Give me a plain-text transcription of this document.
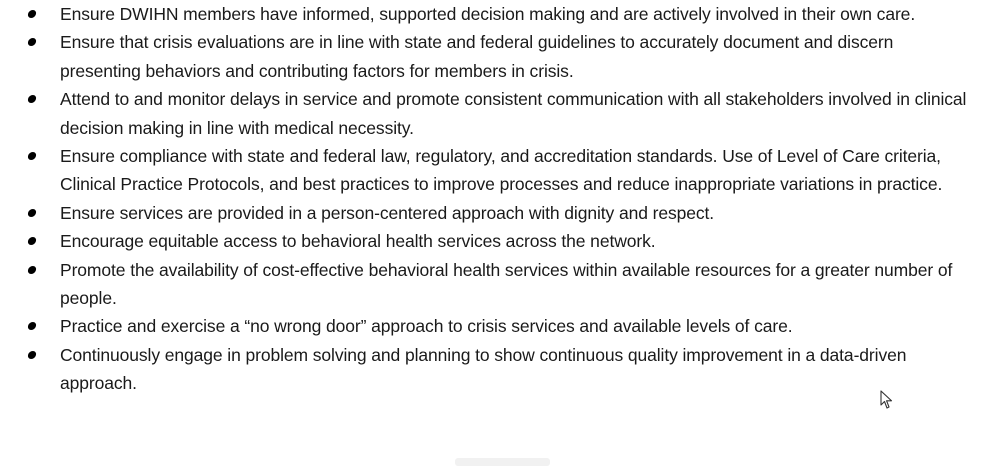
Ensure DWIHN members have informed, supported decision making and are actively involved in their own care.
Ensure that crisis evaluations are in line with state and federal guidelines to accurately document and discern presenting behaviors and contributing factors for members in crisis.
Attend to and monitor delays in service and promote consistent communication with all stakeholders involved in clinical decision making in line with medical necessity.
Ensure compliance with state and federal law, regulatory, and accreditation standards. Use of Level of Care criteria, Clinical Practice Protocols, and best practices to improve processes and reduce inappropriate variations in practice.
Ensure services are provided in a person-centered approach with dignity and respect.
Encourage equitable access to behavioral health services across the network.
Promote the availability of cost-effective behavioral health services within available resources for a greater number of people.
Practice and exercise a “no wrong door” approach to crisis services and available levels of care.
Continuously engage in problem solving and planning to show continuous quality improvement in a data-driven approach.
